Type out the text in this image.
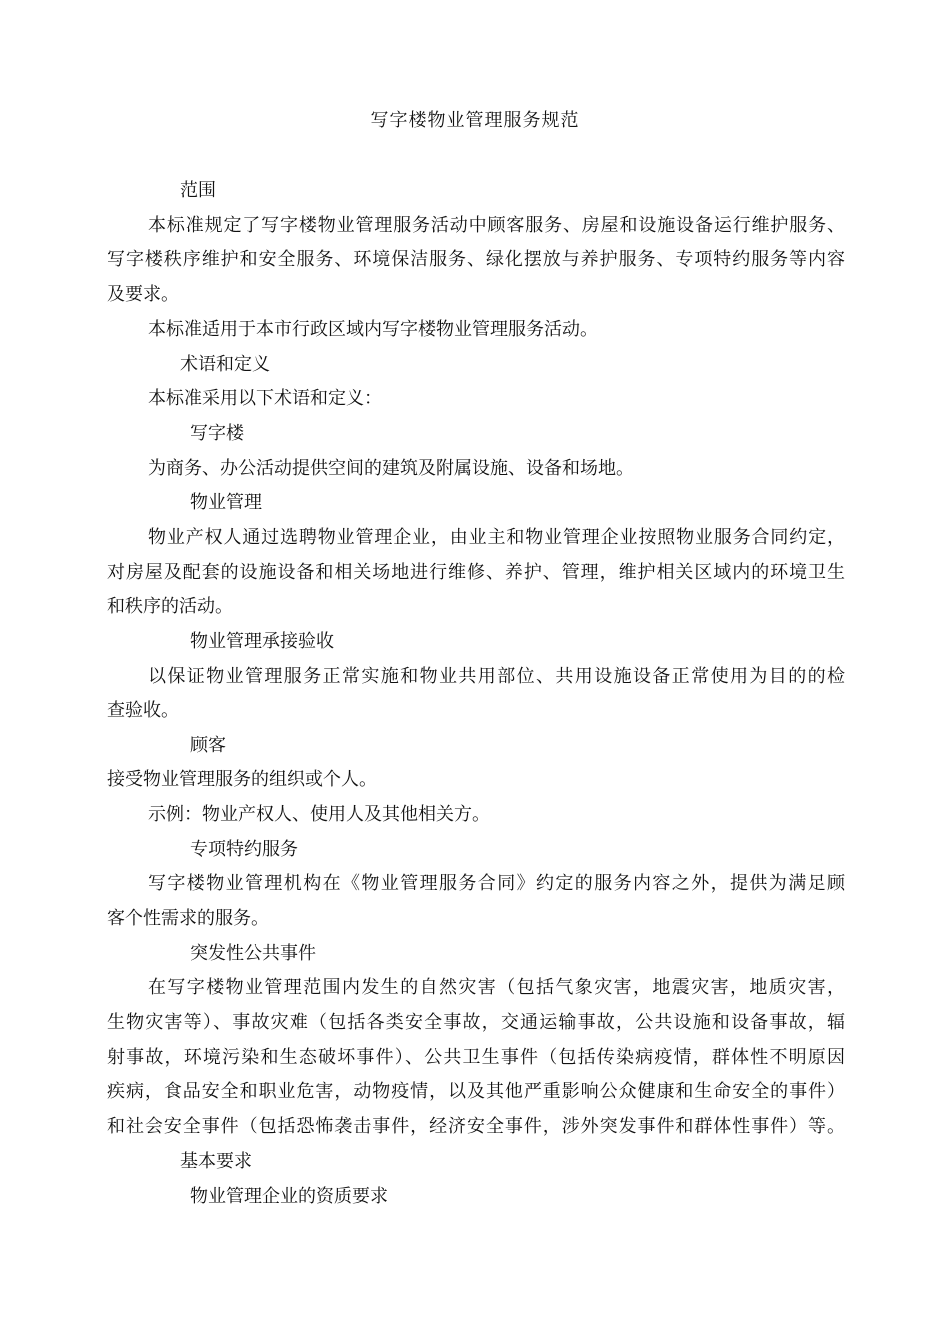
写字楼物业管理服务规范
范围
本标准规定了写字楼物业管理服务活动中顾客服务、房屋和设施设备运行维护服务、
写字楼秩序维护和安全服务、环境保洁服务、绿化摆放与养护服务、专项特约服务等内容
及要求。
本标准适用于本市行政区域内写字楼物业管理服务活动。
术语和定义
本标准采用以下术语和定义：
写字楼
为商务、办公活动提供空间的建筑及附属设施、设备和场地。
物业管理
物业产权人通过选聘物业管理企业，由业主和物业管理企业按照物业服务合同约定，
对房屋及配套的设施设备和相关场地进行维修、养护、管理，维护相关区域内的环境卫生
和秩序的活动。
物业管理承接验收
以保证物业管理服务正常实施和物业共用部位、共用设施设备正常使用为目的的检
查验收。
顾客
接受物业管理服务的组织或个人。
示例：物业产权人、使用人及其他相关方。
专项特约服务
写字楼物业管理机构在《物业管理服务合同》约定的服务内容之外，提供为满足顾
客个性需求的服务。
突发性公共事件
在写字楼物业管理范围内发生的自然灾害（包括气象灾害，地震灾害，地质灾害，
生物灾害等）、事故灾难（包括各类安全事故，交通运输事故，公共设施和设备事故，辐
射事故，环境污染和生态破坏事件）、公共卫生事件（包括传染病疫情，群体性不明原因
疾病，食品安全和职业危害，动物疫情，以及其他严重影响公众健康和生命安全的事件）
和社会安全事件（包括恐怖袭击事件，经济安全事件，涉外突发事件和群体性事件）等。
基本要求
物业管理企业的资质要求
